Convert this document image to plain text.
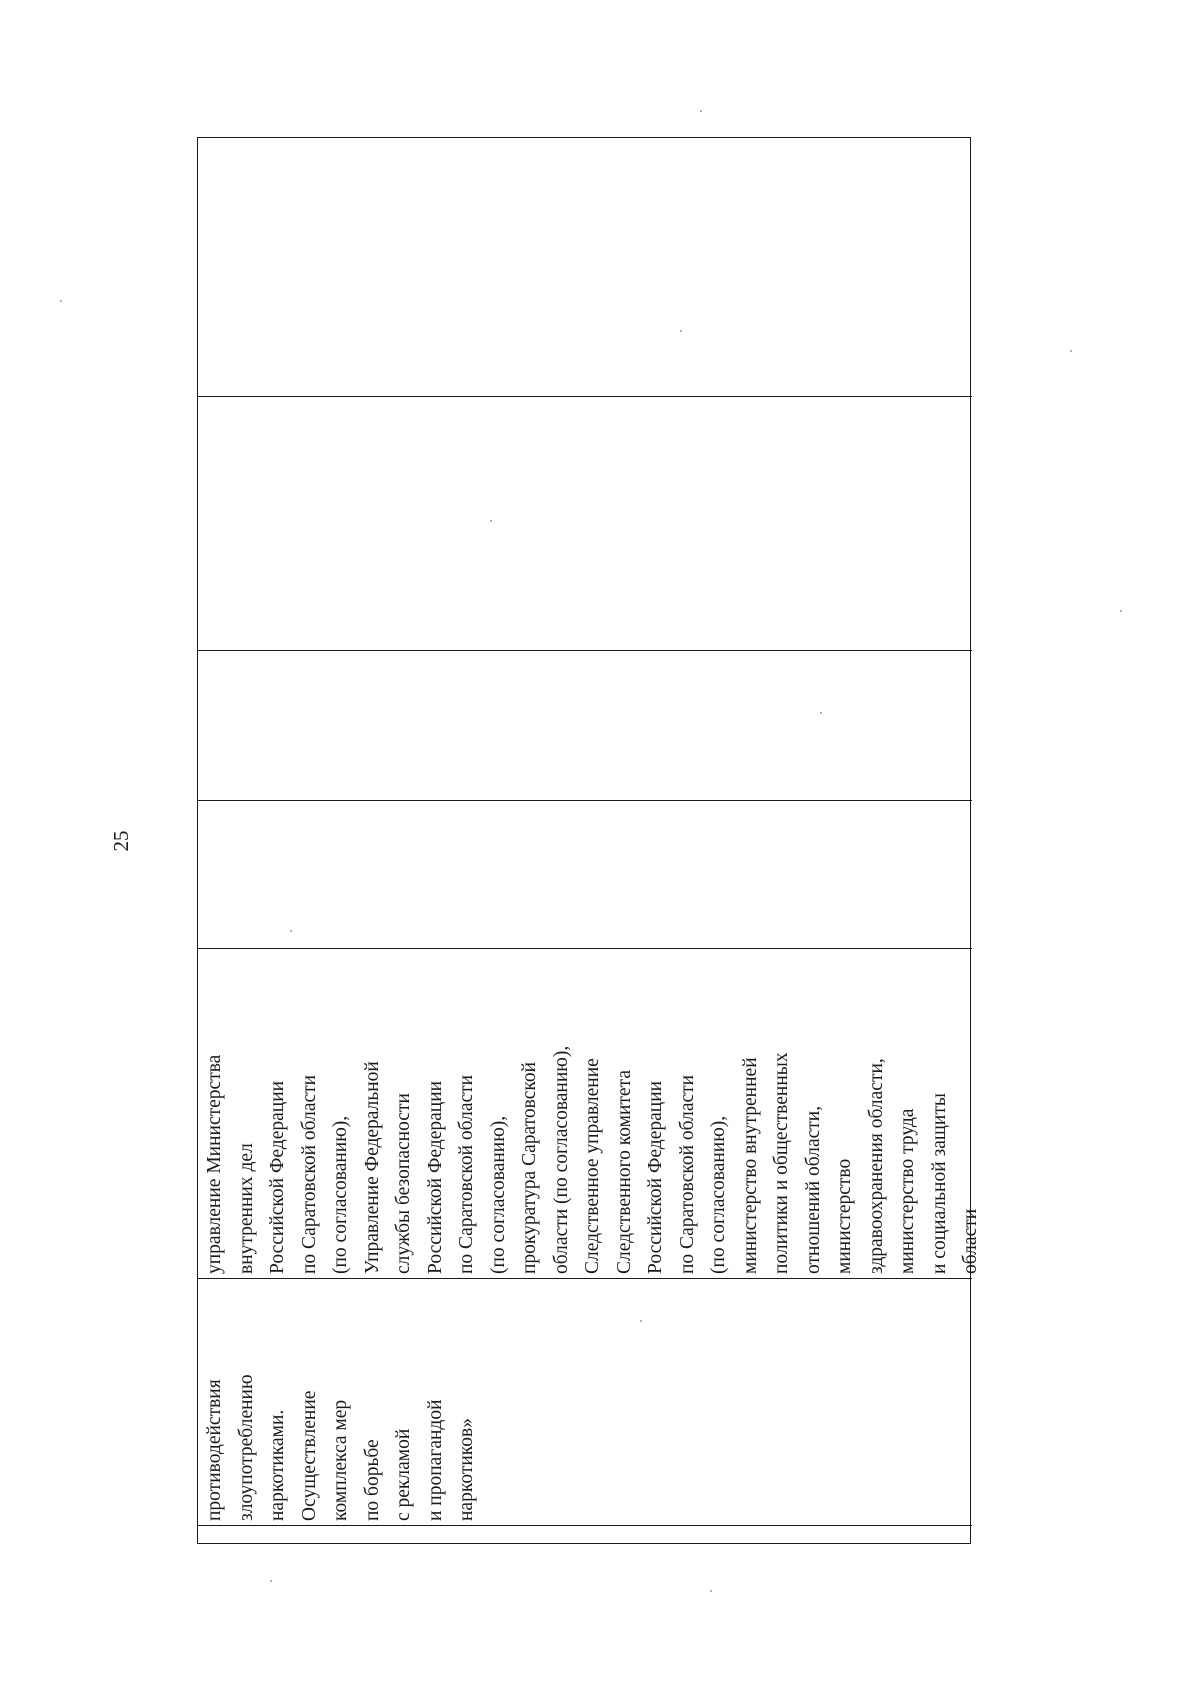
25
противодействия злоупотреблению наркотиками. Осуществление комплекса мер по борьбе с рекламой и пропагандой наркотиков»
управление Министерства внутренних дел Российской Федерации по Саратовской области (по согласованию), Управление Федеральной службы безопасности Российской Федерации по Саратовской области (по согласованию), прокуратура Саратовской области (по согласованию), Следственное управление Следственного комитета Российской Федерации по Саратовской области (по согласованию), министерство внутренней политики и общественных отношений области, министерство здравоохранения области, министерство труда и социальной защиты области
